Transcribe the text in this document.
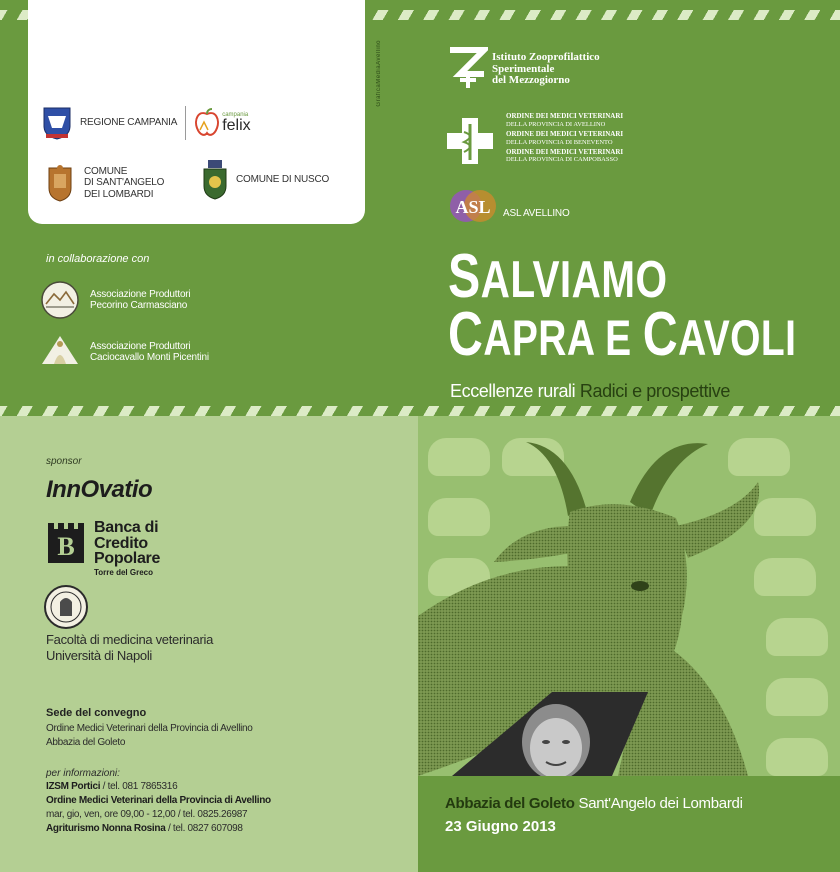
REGIONE CAMPANIA
campania
felix
COMUNE
DI SANT'ANGELO
DEI LOMBARDI
COMUNE DI NUSCO
GraficaMediaAvellino
in collaborazione con
Associazione Produttori
Pecorino Carmasciano
Associazione Produttori
Caciocavallo Monti Picentini
Istituto Zooprofilattico
Sperimentale
del Mezzogiorno
ORDINE DEI MEDICI VETERINARI
DELLA PROVINCIA DI AVELLINO
ORDINE DEI MEDICI VETERINARI
DELLA PROVINCIA DI BENEVENTO
ORDINE DEI MEDICI VETERINARI
DELLA PROVINCIA DI CAMPOBASSO
ASL ASL AVELLINO
SALVIAMO
CAPRA E CAVOLI
Eccellenze rurali Radici e prospettive
sponsor
InnOvatio
B
Banca di
Credito
Popolare
Torre del Greco
Facoltà di medicina veterinaria
Università di Napoli
Sede del convegno
Ordine Medici Veterinari della Provincia di Avellino
Abbazia del Goleto
per informazioni:
IZSM Portici / tel. 081 7865316
Ordine Medici Veterinari della Provincia di Avellino
mar, gio, ven, ore 09,00 - 12,00 / tel. 0825.26987
Agriturismo Nonna Rosina / tel. 0827 607098
Abbazia del Goleto Sant'Angelo dei Lombardi
23 Giugno 2013
